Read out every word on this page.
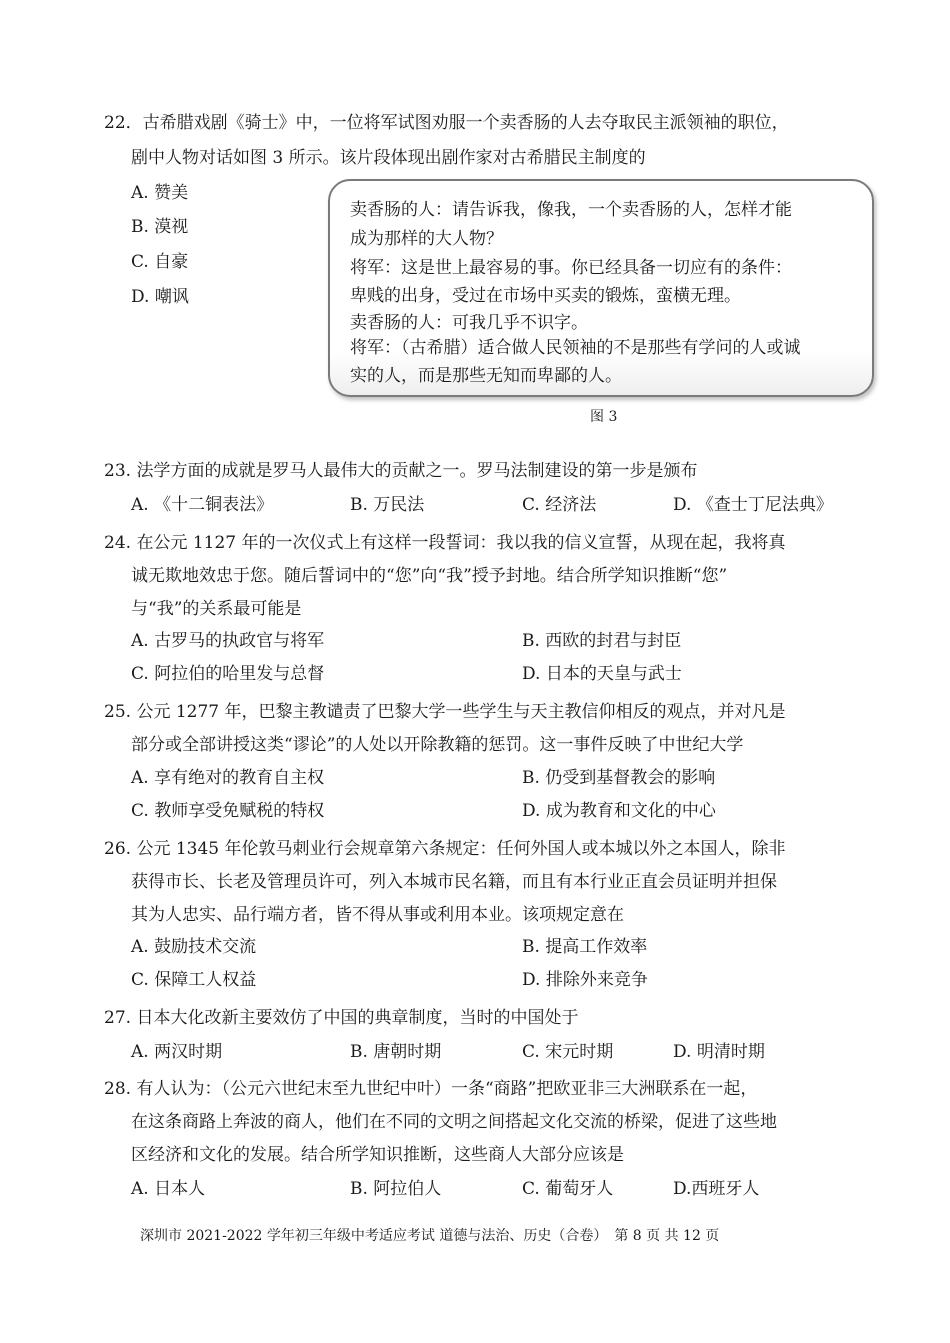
22．古希腊戏剧《骑士》中，一位将军试图劝服一个卖香肠的人去夺取民主派领袖的职位，
剧中人物对话如图 3 所示。该片段体现出剧作家对古希腊民主制度的
A. 赞美
B. 漠视
C. 自豪
D. 嘲讽
卖香肠的人：请告诉我，像我，一个卖香肠的人，怎样才能
成为那样的大人物？
将军：这是世上最容易的事。你已经具备一切应有的条件：
卑贱的出身，受过在市场中买卖的锻炼，蛮横无理。
卖香肠的人：可我几乎不识字。
将军：（古希腊）适合做人民领袖的不是那些有学问的人或诚
实的人，而是那些无知而卑鄙的人。
图 3
23. 法学方面的成就是罗马人最伟大的贡献之一。罗马法制建设的第一步是颁布
A. 《十二铜表法》	B. 万民法	C. 经济法	D. 《查士丁尼法典》
24. 在公元 1127 年的一次仪式上有这样一段誓词：我以我的信义宣誓，从现在起，我将真
诚无欺地效忠于您。随后誓词中的“您”向“我”授予封地。结合所学知识推断“您”
与“我”的关系最可能是
A. 古罗马的执政官与将军	B. 西欧的封君与封臣
C. 阿拉伯的哈里发与总督	D. 日本的天皇与武士
25. 公元 1277 年，巴黎主教谴责了巴黎大学一些学生与天主教信仰相反的观点，并对凡是
部分或全部讲授这类“谬论”的人处以开除教籍的惩罚。这一事件反映了中世纪大学
A. 享有绝对的教育自主权	B. 仍受到基督教会的影响
C. 教师享受免赋税的特权	D. 成为教育和文化的中心
26. 公元 1345 年伦敦马刺业行会规章第六条规定：任何外国人或本城以外之本国人，除非
获得市长、长老及管理员许可，列入本城市民名籍，而且有本行业正直会员证明并担保
其为人忠实、品行端方者，皆不得从事或利用本业。该项规定意在
A. 鼓励技术交流	B. 提高工作效率
C. 保障工人权益	D. 排除外来竞争
27. 日本大化改新主要效仿了中国的典章制度，当时的中国处于
A. 两汉时期	B. 唐朝时期	C. 宋元时期	D. 明清时期
28. 有人认为：（公元六世纪末至九世纪中叶）一条“商路”把欧亚非三大洲联系在一起，
在这条商路上奔波的商人，他们在不同的文明之间搭起文化交流的桥梁，促进了这些地
区经济和文化的发展。结合所学知识推断，这些商人大部分应该是
A. 日本人	B. 阿拉伯人	C. 葡萄牙人	D.西班牙人
深圳市 2021-2022 学年初三年级中考适应考试 道德与法治、历史（合卷）　第 8 页 共 12 页
